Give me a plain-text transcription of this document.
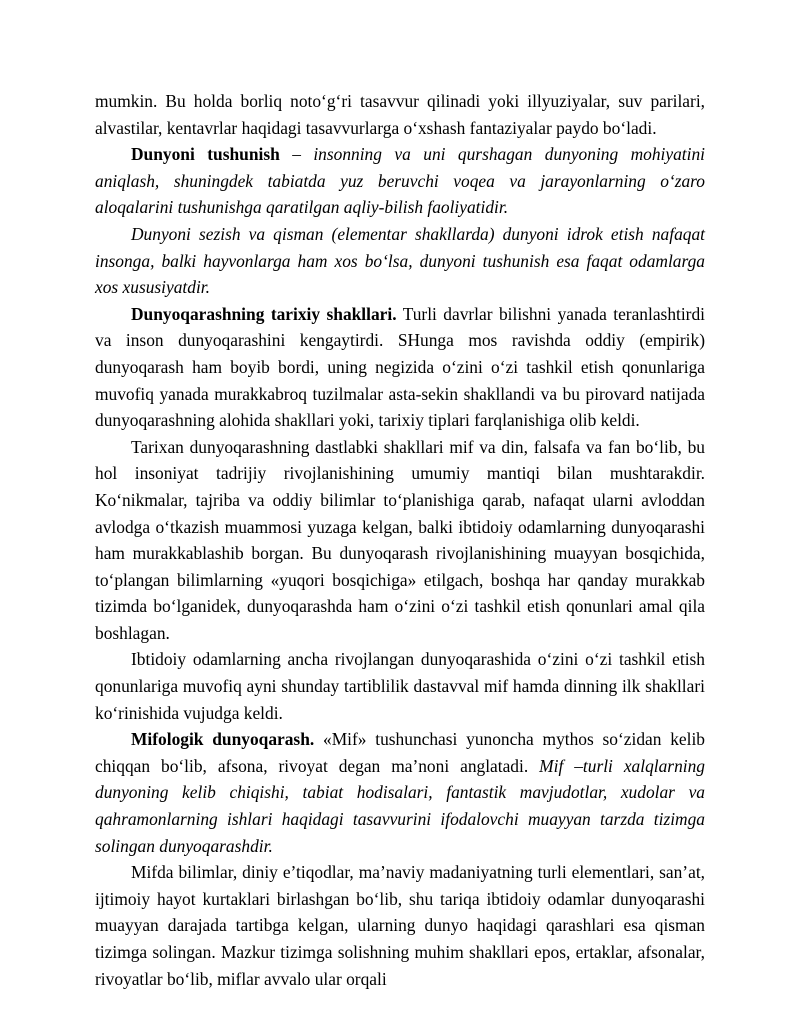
mumkin. Bu holda borliq noto‘g‘ri tasavvur qilinadi yoki illyuziyalar, suv parilari, alvastilar, kentavrlar haqidagi tasavvurlarga o‘xshash fantaziyalar paydo bo‘ladi.

Dunyoni tushunish – insonning va uni qurshagan dunyoning mohiyatini aniqlash, shuningdek tabiatda yuz beruvchi voqea va jarayonlarning o‘zaro aloqalarini tushunishga qaratilgan aqliy-bilish faoliyatidir.

Dunyoni sezish va qisman (elementar shakllarda) dunyoni idrok etish nafaqat insonga, balki hayvonlarga ham xos bo‘lsa, dunyoni tushunish esa faqat odamlarga xos xususiyatdir.

Dunyoqarashning tarixiy shakllari. Turli davrlar bilishni yanada teranlashtirdi va inson dunyoqarashini kengaytirdi. SHunga mos ravishda oddiy (empirik) dunyoqarash ham boyib bordi, uning negizida o‘zini o‘zi tashkil etish qonunlariga muvofiq yanada murakkabroq tuzilmalar asta-sekin shakllandi va bu pirovard natijada dunyoqarashning alohida shakllari yoki, tarixiy tiplari farqlanishiga olib keldi.

Tarixan dunyoqarashning dastlabki shakllari mif va din, falsafa va fan bo‘lib, bu hol insoniyat tadrijiy rivojlanishining umumiy mantiqi bilan mushtarakdir. Ko‘nikmalar, tajriba va oddiy bilimlar to‘planishiga qarab, nafaqat ularni avloddan avlodga o‘tkazish muammosi yuzaga kelgan, balki ibtidoiy odamlarning dunyoqarashi ham murakkablashib borgan. Bu dunyoqarash rivojlanishining muayyan bosqichida, to‘plangan bilimlarning «yuqori bosqichiga» etilgach, boshqa har qanday murakkab tizimda bo‘lganidek, dunyoqarashda ham o‘zini o‘zi tashkil etish qonunlari amal qila boshlagan.

Ibtidoiy odamlarning ancha rivojlangan dunyoqarashida o‘zini o‘zi tashkil etish qonunlariga muvofiq ayni shunday tartiblilik dastavval mif hamda dinning ilk shakllari ko‘rinishida vujudga keldi.

Mifologik dunyoqarash. «Mif» tushunchasi yunoncha mythos so‘zidan kelib chiqqan bo‘lib, afsona, rivoyat degan ma’noni anglatadi. Mif –turli xalqlarning dunyoning kelib chiqishi, tabiat hodisalari, fantastik mavjudotlar, xudolar va qahramonlarning ishlari haqidagi tasavvurini ifodalovchi muayyan tarzda tizimga solingan dunyoqarashdir.

Mifda bilimlar, diniy e’tiqodlar, ma’naviy madaniyatning turli elementlari, san’at, ijtimoiy hayot kurtaklari birlashgan bo‘lib, shu tariqa ibtidoiy odamlar dunyoqarashi muayyan darajada tartibga kelgan, ularning dunyo haqidagi qarashlari esa qisman tizimga solingan. Mazkur tizimga solishning muhim shakllari epos, ertaklar, afsonalar, rivoyatlar bo‘lib, miflar avvalo ular orqali
